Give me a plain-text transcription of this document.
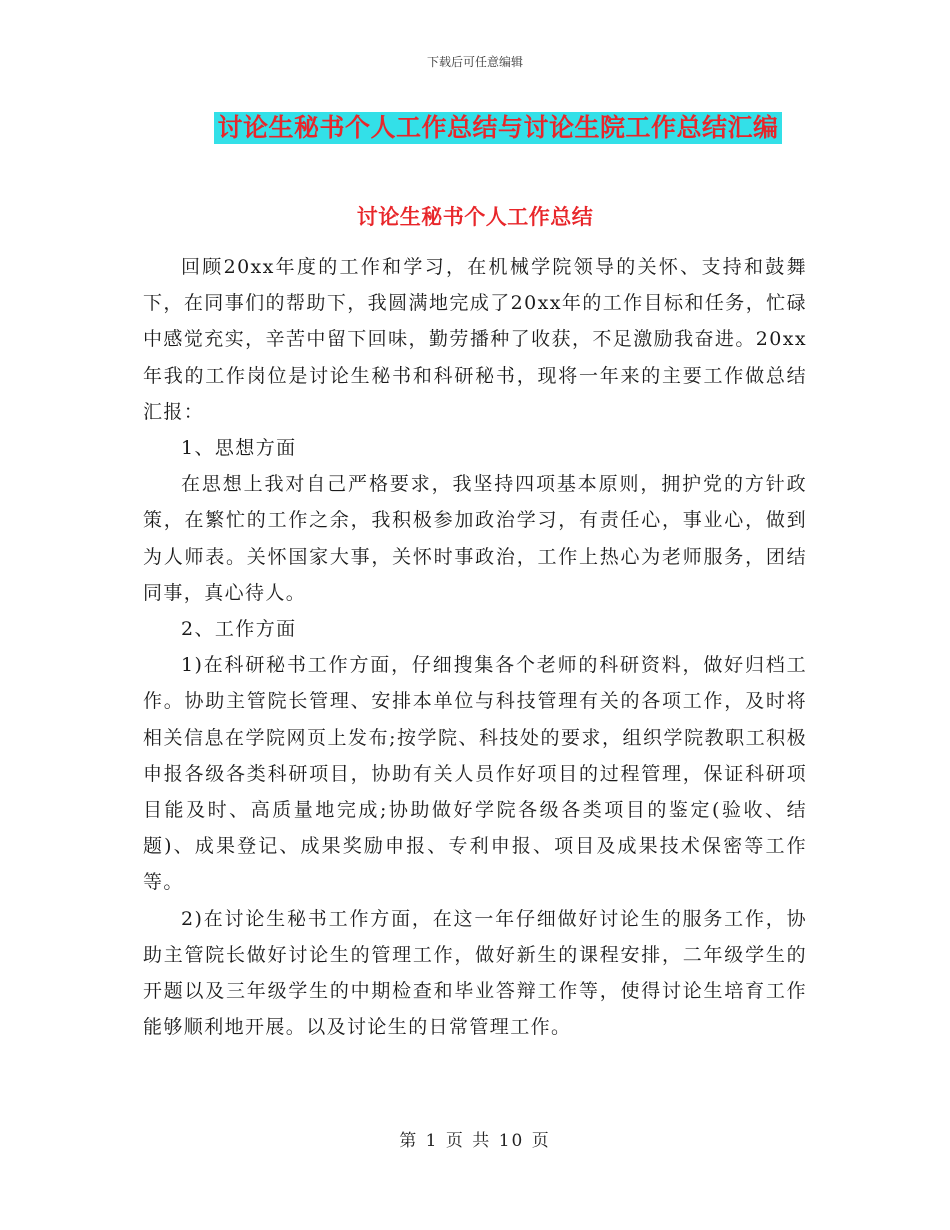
下载后可任意编辑
讨论生秘书个人工作总结与讨论生院工作总结汇编
讨论生秘书个人工作总结

回顾20xx年度的工作和学习，在机械学院领导的关怀、支持和鼓舞下，在同事们的帮助下，我圆满地完成了20xx年的工作目标和任务，忙碌中感觉充实，辛苦中留下回味，勤劳播种了收获，不足激励我奋进。20xx年我的工作岗位是讨论生秘书和科研秘书，现将一年来的主要工作做总结汇报：

1、思想方面

在思想上我对自己严格要求，我坚持四项基本原则，拥护党的方针政策，在繁忙的工作之余，我积极参加政治学习，有责任心，事业心，做到为人师表。关怀国家大事，关怀时事政治，工作上热心为老师服务，团结同事，真心待人。

2、工作方面

1)在科研秘书工作方面，仔细搜集各个老师的科研资料，做好归档工作。协助主管院长管理、安排本单位与科技管理有关的各项工作，及时将相关信息在学院网页上发布;按学院、科技处的要求，组织学院教职工积极申报各级各类科研项目，协助有关人员作好项目的过程管理，保证科研项目能及时、高质量地完成;协助做好学院各级各类项目的鉴定(验收、结题)、成果登记、成果奖励申报、专利申报、项目及成果技术保密等工作等。

2)在讨论生秘书工作方面，在这一年仔细做好讨论生的服务工作，协助主管院长做好讨论生的管理工作，做好新生的课程安排，二年级学生的开题以及三年级学生的中期检查和毕业答辩工作等，使得讨论生培育工作能够顺利地开展。以及讨论生的日常管理工作。

第 1 页 共 10 页
